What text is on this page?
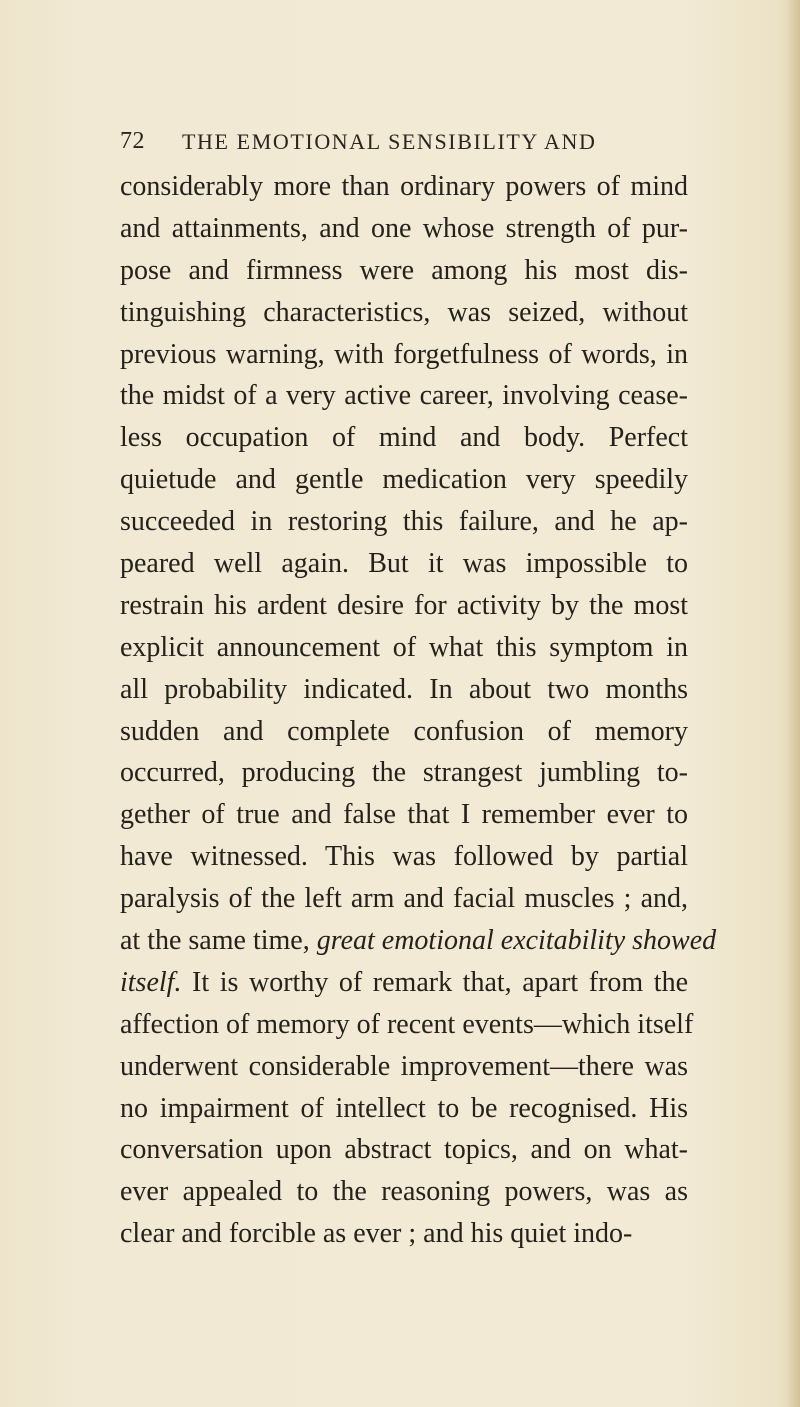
72 THE EMOTIONAL SENSIBILITY AND
considerably more than ordinary powers of mind
and attainments, and one whose strength of pur-
pose and firmness were among his most dis-
tinguishing characteristics, was seized, without
previous warning, with forgetfulness of words, in
the midst of a very active career, involving cease-
less occupation of mind and body. Perfect
quietude and gentle medication very speedily
succeeded in restoring this failure, and he ap-
peared well again. But it was impossible to
restrain his ardent desire for activity by the most
explicit announcement of what this symptom in
all probability indicated. In about two months
sudden and complete confusion of memory
occurred, producing the strangest jumbling to-
gether of true and false that I remember ever to
have witnessed. This was followed by partial
paralysis of the left arm and facial muscles ; and,
at the same time, great emotional excitability showed
itself. It is worthy of remark that, apart from the
affection of memory of recent events—which itself
underwent considerable improvement—there was
no impairment of intellect to be recognised. His
conversation upon abstract topics, and on what-
ever appealed to the reasoning powers, was as
clear and forcible as ever ; and his quiet indo-
